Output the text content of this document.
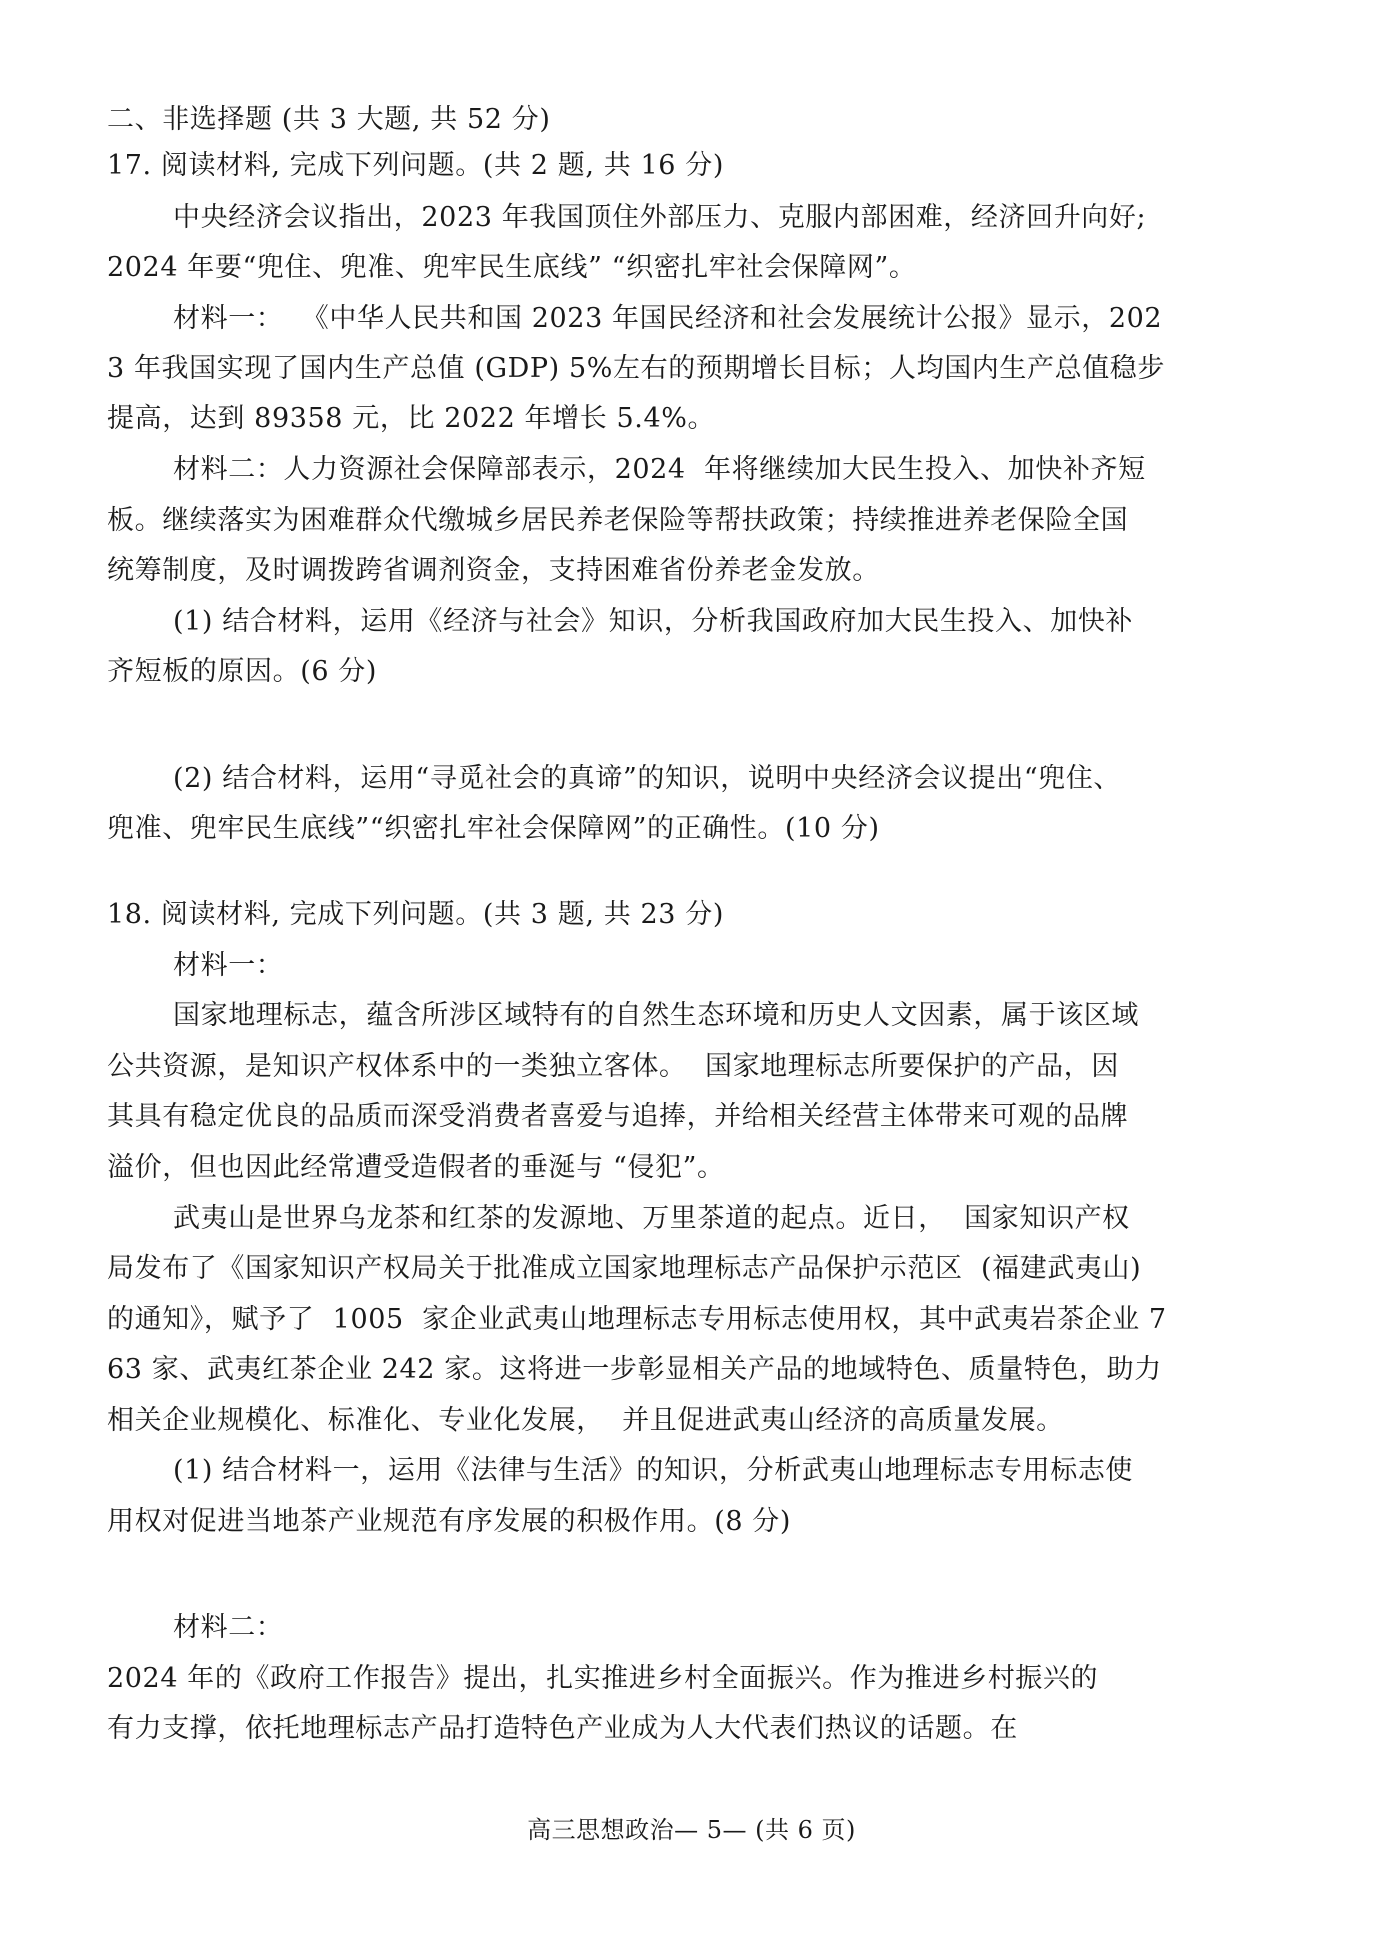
二、非选择题 (共 3 大题, 共 52 分)
17. 阅读材料, 完成下列问题。(共 2 题, 共 16 分)
中央经济会议指出，2023 年我国顶住外部压力、克服内部困难，经济回升向好;
2024 年要“兜住、兜准、兜牢民生底线” “织密扎牢社会保障网”。
材料一：  《中华人民共和国 2023 年国民经济和社会发展统计公报》显示，202
3 年我国实现了国内生产总值 (GDP) 5%左右的预期增长目标；人均国内生产总值稳步
提高，达到 89358 元，比 2022 年增长 5.4%。
材料二：人力资源社会保障部表示，2024  年将继续加大民生投入、加快补齐短
板。继续落实为困难群众代缴城乡居民养老保险等帮扶政策；持续推进养老保险全国
统筹制度，及时调拨跨省调剂资金，支持困难省份养老金发放。
(1) 结合材料，运用《经济与社会》知识，分析我国政府加大民生投入、加快补
齐短板的原因。(6 分)
(2) 结合材料，运用“寻觅社会的真谛”的知识，说明中央经济会议提出“兜住、
兜准、兜牢民生底线”“织密扎牢社会保障网”的正确性。(10 分)
18. 阅读材料, 完成下列问题。(共 3 题, 共 23 分)
材料一：
国家地理标志，蕴含所涉区域特有的自然生态环境和历史人文因素，属于该区域
公共资源，是知识产权体系中的一类独立客体。  国家地理标志所要保护的产品，因
其具有稳定优良的品质而深受消费者喜爱与追捧，并给相关经营主体带来可观的品牌
溢价，但也因此经常遭受造假者的垂涎与 “侵犯”。
武夷山是世界乌龙茶和红茶的发源地、万里茶道的起点。近日，  国家知识产权
局发布了《国家知识产权局关于批准成立国家地理标志产品保护示范区  (福建武夷山)
的通知》，赋予了  1005  家企业武夷山地理标志专用标志使用权，其中武夷岩茶企业 7
63 家、武夷红茶企业 242 家。这将进一步彰显相关产品的地域特色、质量特色，助力
相关企业规模化、标准化、专业化发展，  并且促进武夷山经济的高质量发展。
(1) 结合材料一，运用《法律与生活》的知识，分析武夷山地理标志专用标志使
用权对促进当地茶产业规范有序发展的积极作用。(8 分)
材料二：
2024 年的《政府工作报告》提出，扎实推进乡村全面振兴。作为推进乡村振兴的
有力支撑，依托地理标志产品打造特色产业成为人大代表们热议的话题。在
高三思想政治— 5— (共 6 页)
